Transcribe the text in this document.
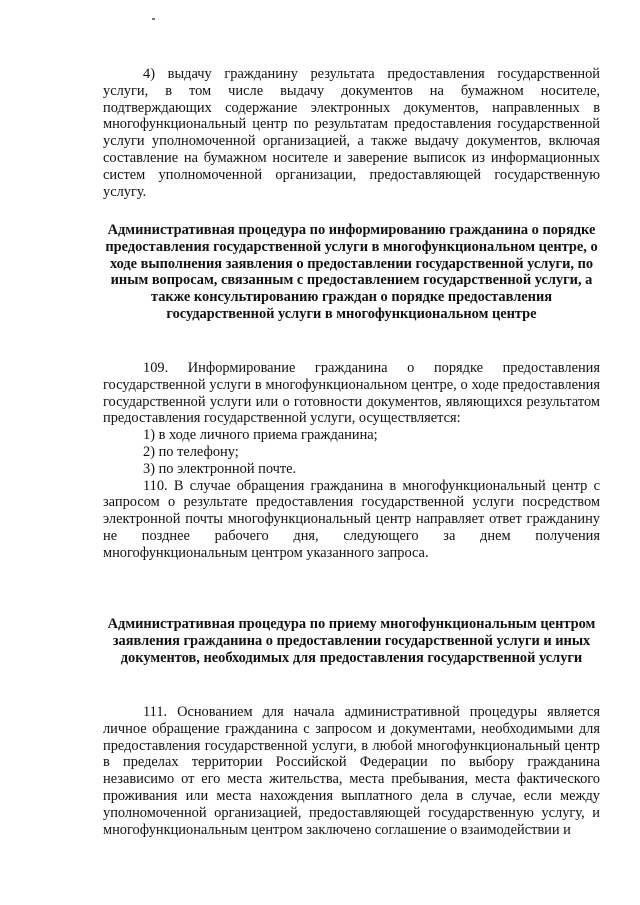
4) выдачу гражданину результата предоставления государственной услуги, в том числе выдачу документов на бумажном носителе, подтверждающих содержание электронных документов, направленных в многофункциональный центр по результатам предоставления государственной услуги уполномоченной организацией, а также выдачу документов, включая составление на бумажном носителе и заверение выписок из информационных систем уполномоченной организации, предоставляющей государственную услугу.

Административная процедура по информированию гражданина о порядке предоставления государственной услуги в многофункциональном центре, о ходе выполнения заявления о предоставлении государственной услуги, по иным вопросам, связанным с предоставлением государственной услуги, а также консультированию граждан о порядке предоставления государственной услуги в многофункциональном центре

109. Информирование гражданина о порядке предоставления государственной услуги в многофункциональном центре, о ходе предоставления государственной услуги или о готовности документов, являющихся результатом предоставления государственной услуги, осуществляется:

1) в ходе личного приема гражданина;

2) по телефону;

3) по электронной почте.

110. В случае обращения гражданина в многофункциональный центр с запросом о результате предоставления государственной услуги посредством электронной почты многофункциональный центр направляет ответ гражданину не позднее рабочего дня, следующего за днем получения многофункциональным центром указанного запроса.

Административная процедура по приему многофункциональным центром заявления гражданина о предоставлении государственной услуги и иных документов, необходимых для предоставления государственной услуги

111. Основанием для начала административной процедуры является личное обращение гражданина с запросом и документами, необходимыми для предоставления государственной услуги, в любой многофункциональный центр в пределах территории Российской Федерации по выбору гражданина независимо от его места жительства, места пребывания, места фактического проживания или места нахождения выплатного дела в случае, если между уполномоченной организацией, предоставляющей государственную услугу, и многофункциональным центром заключено соглашение о взаимодействии и
